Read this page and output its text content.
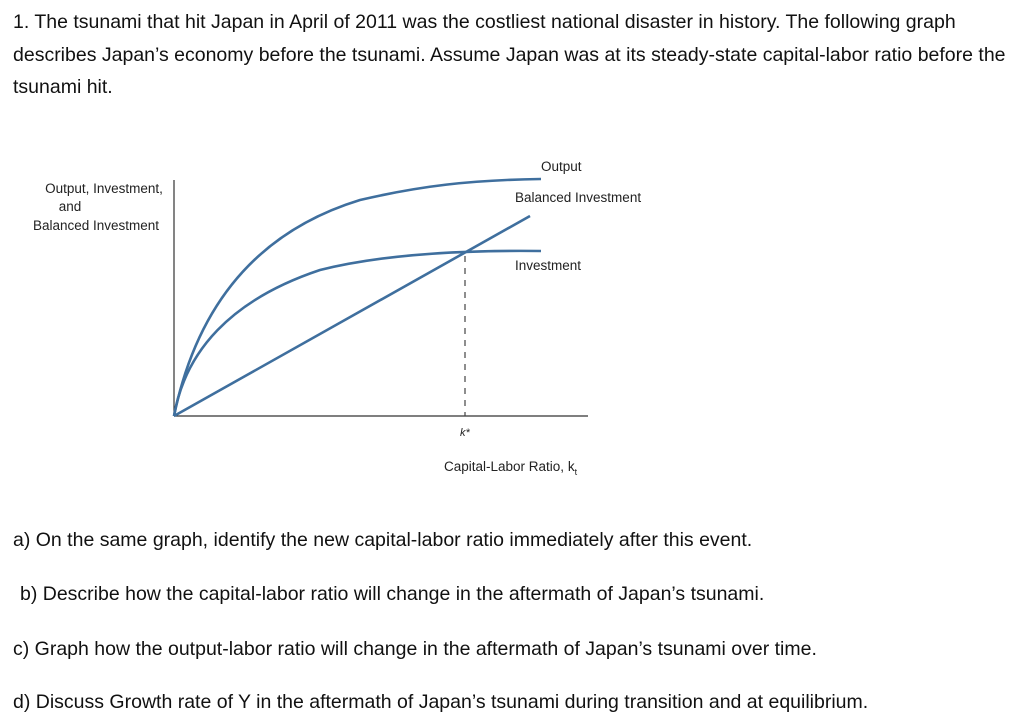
1. The tsunami that hit Japan in April of 2011 was the costliest national disaster in history. The following graph describes Japan’s economy before the tsunami. Assume Japan was at its steady-state capital-labor ratio before the tsunami hit.
Output, Investment,
and
Balanced Investment
Output
Balanced Investment
Investment
k*
Capital-Labor Ratio, $k_t$
a) On the same graph, identify the new capital-labor ratio immediately after this event.
b) Describe how the capital-labor ratio will change in the aftermath of Japan’s tsunami.
c) Graph how the output-labor ratio will change in the aftermath of Japan’s tsunami over time.
d) Discuss Growth rate of Y in the aftermath of Japan’s tsunami during transition and at equilibrium.
